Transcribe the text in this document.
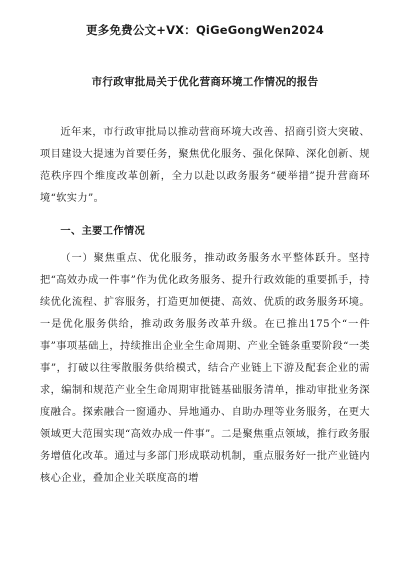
更多免费公文+VX：QiGeGongWen2024
市行政审批局关于优化营商环境工作情况的报告

近年来，市行政审批局以推动营商环境大改善、招商引资大突破、项目建设大提速为首要任务，聚焦优化服务、强化保障、深化创新、规范秩序四个维度改革创新，全力以赴以政务服务“硬举措”提升营商环境“软实力”。

一、主要工作情况

（一）聚焦重点、优化服务，推动政务服务水平整体跃升。坚持把“高效办成一件事”作为优化政务服务、提升行政效能的重要抓手，持续优化流程、扩容服务，打造更加便捷、高效、优质的政务服务环境。一是优化服务供给，推动政务服务改革升级。在已推出175个“一件事”事项基础上，持续推出企业全生命周期、产业全链条重要阶段“一类事”，打破以往零散服务供给模式，结合产业链上下游及配套企业的需求，编制和规范产业全生命周期审批链基础服务清单，推动审批业务深度融合。探索融合一窗通办、异地通办、自助办理等业务服务，在更大领域更大范围实现“高效办成一件事”。二是聚焦重点领域，推行政务服务增值化改革。通过与多部门形成联动机制，重点服务好一批产业链内核心企业，叠加企业关联度高的增
